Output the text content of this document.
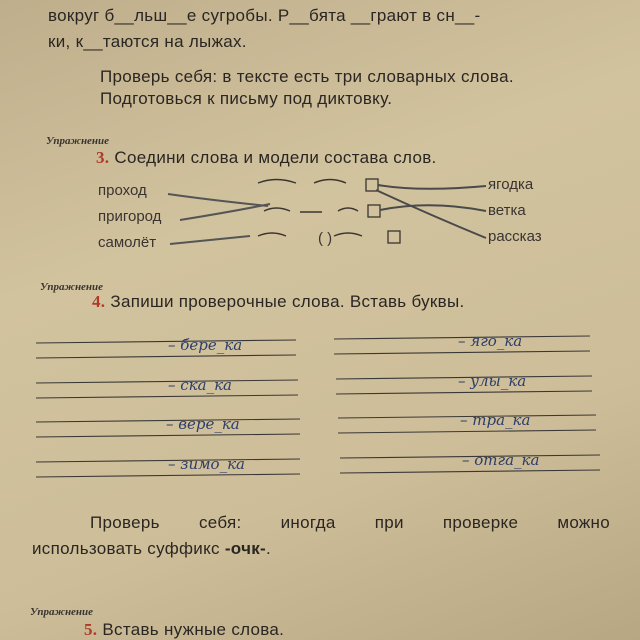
вокруг б__льш__е сугробы. Р__бята __грают в сн__-
ки, к__таются на лыжах.
Проверь себя: в тексте есть три словарных слова.
Подготовься к письму под диктовку.
Упражнение
3. Соедини слова и модели состава слов.
проход
пригород
самолёт
ягодка
ветка
рассказ
( )
Упражнение
4. Запиши проверочные слова. Вставь буквы.
– бере_ка
– ска_ка
– вере_ка
– зимо_ка
– яго_ка
– улы_ка
– тра_ка
– отга_ка
Проверь себя: иногда при проверке можно
использовать суффикс -очк-.
Упражнение
5. Вставь нужные слова.
